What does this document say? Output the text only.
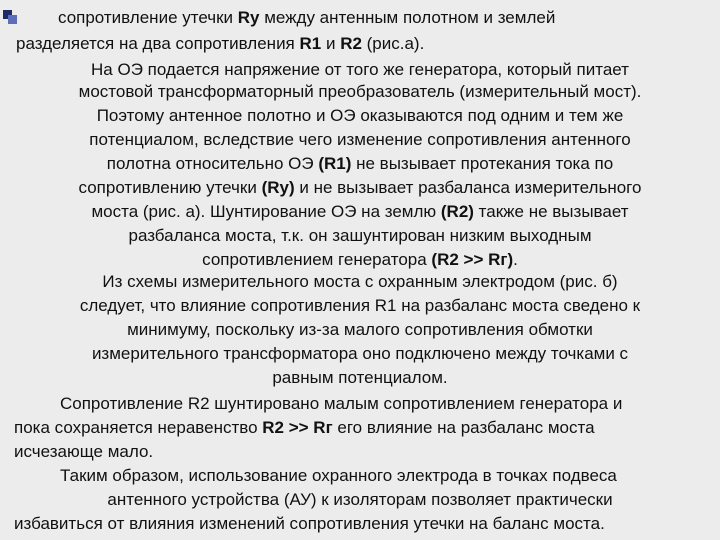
сопротивление утечки Ry между антенным полотном и землей
разделяется на два сопротивления R1 и R2 (рис.а).
На ОЭ подается напряжение от того же генератора, который питает
мостовой трансформаторный преобразователь (измерительный мост).
Поэтому антенное полотно и ОЭ оказываются под одним и тем же
потенциалом, вследствие чего изменение сопротивления антенного
полотна относительно ОЭ (R1) не вызывает протекания тока по
сопротивлению утечки (Ry) и не вызывает разбаланса измерительного
моста (рис. а). Шунтирование ОЭ на землю (R2) также не вызывает
разбаланса моста, т.к. он зашунтирован низким выходным
сопротивлением генератора (R2 >> Rг).
Из схемы измерительного моста с охранным электродом (рис. б)
следует, что влияние сопротивления R1 на разбаланс моста сведено к
минимуму, поскольку из-за малого сопротивления обмотки
измерительного трансформатора оно подключено между точками с
равным потенциалом.
Сопротивление R2 шунтировано малым сопротивлением генератора и
пока сохраняется неравенство R2 >> Rг его влияние на разбаланс моста
исчезающе мало.
Таким образом, использование охранного электрода в точках подвеса
антенного устройства (АУ) к изоляторам позволяет практически
избавиться от влияния изменений сопротивления утечки на баланс моста.
